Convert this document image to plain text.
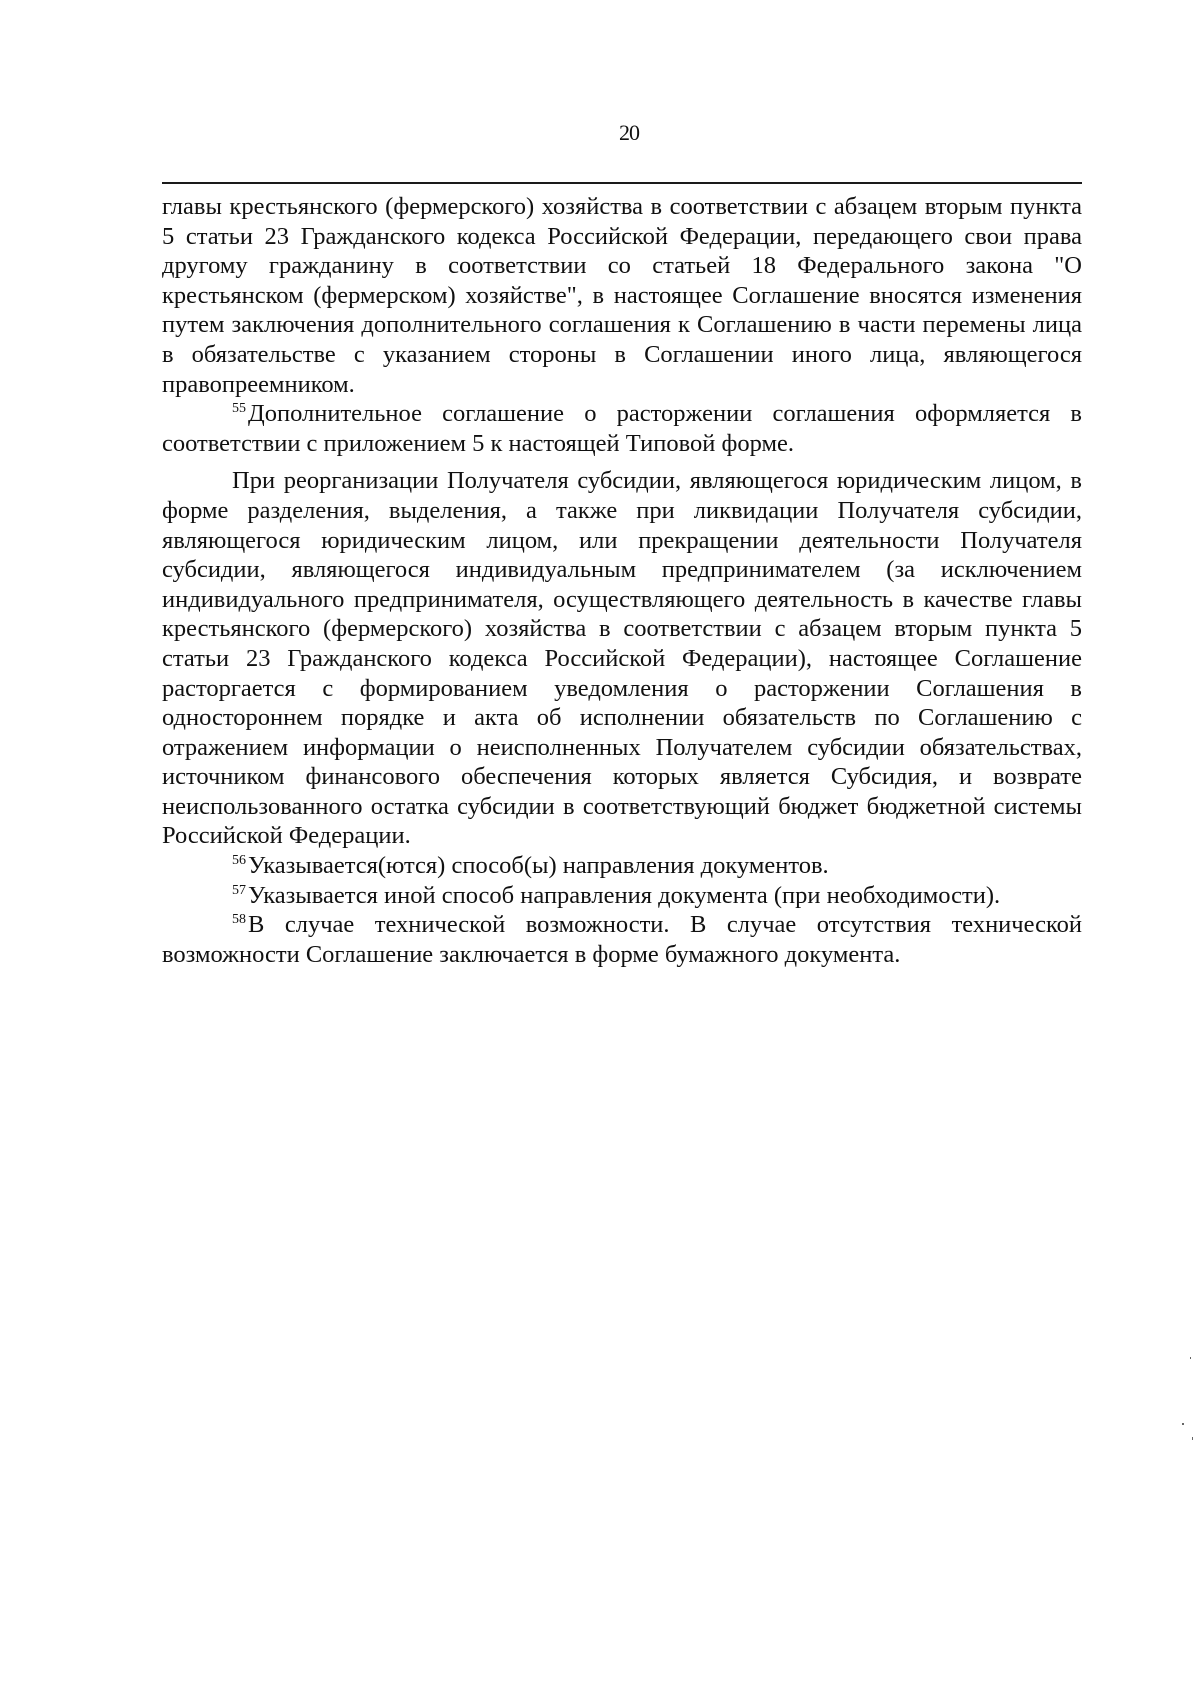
20

главы крестьянского (фермерского) хозяйства в соответствии с абзацем вторым пункта 5 статьи 23 Гражданского кодекса Российской Федерации, передающего свои права другому гражданину в соответствии со статьей 18 Федерального закона "О крестьянском (фермерском) хозяйстве", в настоящее Соглашение вносятся изменения путем заключения дополнительного соглашения к Соглашению в части перемены лица в обязательстве с указанием стороны в Соглашении иного лица, являющегося правопреемником.

$^{55}$Дополнительное соглашение о расторжении соглашения оформляется в соответствии с приложением 5 к настоящей Типовой форме.

При реорганизации Получателя субсидии, являющегося юридическим лицом, в форме разделения, выделения, а также при ликвидации Получателя субсидии, являющегося юридическим лицом, или прекращении деятельности Получателя субсидии, являющегося индивидуальным предпринимателем (за исключением индивидуального предпринимателя, осуществляющего деятельность в качестве главы крестьянского (фермерского) хозяйства в соответствии с абзацем вторым пункта 5 статьи 23 Гражданского кодекса Российской Федерации), настоящее Соглашение расторгается с формированием уведомления о расторжении Соглашения в одностороннем порядке и акта об исполнении обязательств по Соглашению с отражением информации о неисполненных Получателем субсидии обязательствах, источником финансового обеспечения которых является Субсидия, и возврате неиспользованного остатка субсидии в соответствующий бюджет бюджетной системы Российской Федерации.

$^{56}$Указывается(ются) способ(ы) направления документов.

$^{57}$Указывается иной способ направления документа (при необходимости).

$^{58}$В случае технической возможности. В случае отсутствия технической возможности Соглашение заключается в форме бумажного документа.
